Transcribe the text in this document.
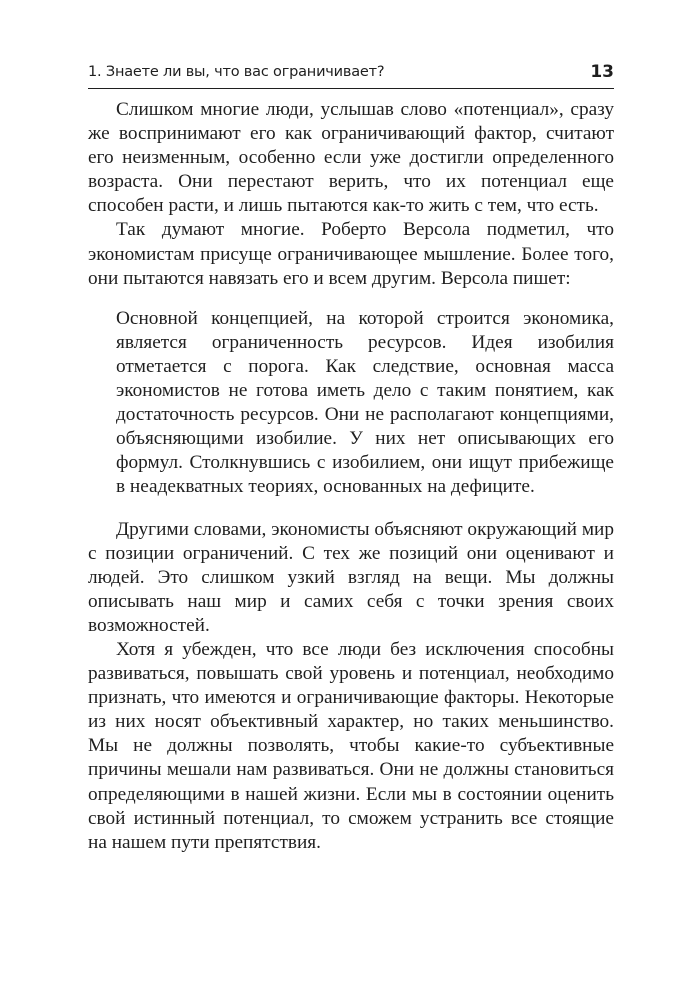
1. Знаете ли вы, что вас ограничивает?	13

Слишком многие люди, услышав слово «потенциал», сразу же воспринимают его как ограничивающий фактор, считают его неизменным, особенно если уже достигли определенного возраста. Они перестают верить, что их потенциал еще способен расти, и лишь пытаются как-то жить с тем, что есть.

Так думают многие. Роберто Версола подметил, что экономистам присуще ограничивающее мышление. Более того, они пытаются навязать его и всем другим. Версола пишет:

Основной концепцией, на которой строится экономика, является ограниченность ресурсов. Идея изобилия отметается с порога. Как следствие, основная масса экономистов не готова иметь дело с таким понятием, как достаточность ресурсов. Они не располагают концепциями, объясняющими изобилие. У них нет описывающих его формул. Столкнувшись с изобилием, они ищут прибежище в неадекватных теориях, основанных на дефиците.

Другими словами, экономисты объясняют окружающий мир с позиции ограничений. С тех же позиций они оценивают и людей. Это слишком узкий взгляд на вещи. Мы должны описывать наш мир и самих себя с точки зрения своих возможностей.

Хотя я убежден, что все люди без исключения способны развиваться, повышать свой уровень и потенциал, необходимо признать, что имеются и ограничивающие факторы. Некоторые из них носят объективный характер, но таких меньшинство. Мы не должны позволять, чтобы какие-то субъективные причины мешали нам развиваться. Они не должны становиться определяющими в нашей жизни. Если мы в состоянии оценить свой истинный потенциал, то сможем устранить все стоящие на нашем пути препятствия.
